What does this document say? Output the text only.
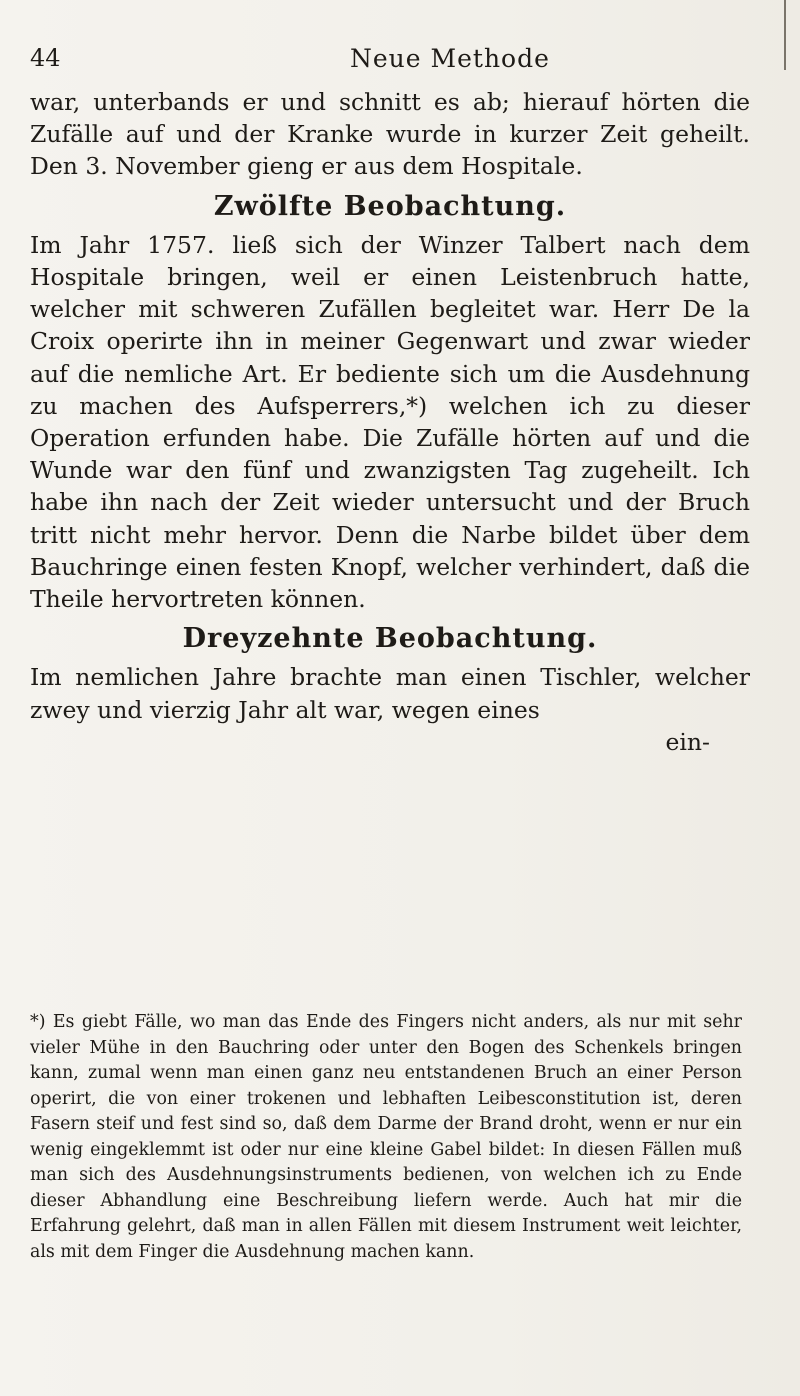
44	Neue Methode

war, unterbands er und schnitt es ab; hierauf hörten die Zufälle auf und der Kranke wurde in kurzer Zeit geheilt. Den 3. November gieng er aus dem Hospitale.

Zwölfte Beobachtung.

Im Jahr 1757. ließ sich der Winzer Talbert nach dem Hospitale bringen, weil er einen Leistenbruch hatte, welcher mit schweren Zufällen begleitet war. Herr De la Croix operirte ihn in meiner Gegenwart und zwar wieder auf die nemliche Art. Er bediente sich um die Ausdehnung zu machen des Aufsperrers,*) welchen ich zu dieser Operation erfunden habe. Die Zufälle hörten auf und die Wunde war den fünf und zwanzigsten Tag zugeheilt. Ich habe ihn nach der Zeit wieder untersucht und der Bruch tritt nicht mehr hervor. Denn die Narbe bildet über dem Bauchringe einen festen Knopf, welcher verhindert, daß die Theile hervortreten können.

Dreyzehnte Beobachtung.

Im nemlichen Jahre brachte man einen Tischler, welcher zwey und vierzig Jahr alt war, wegen eines

ein-

*) Es giebt Fälle, wo man das Ende des Fingers nicht anders, als nur mit sehr vieler Mühe in den Bauchring oder unter den Bogen des Schenkels bringen kann, zumal wenn man einen ganz neu entstandenen Bruch an einer Person operirt, die von einer trokenen und lebhaften Leibesconstitution ist, deren Fasern steif und fest sind so, daß dem Darme der Brand droht, wenn er nur ein wenig eingeklemmt ist oder nur eine kleine Gabel bildet: In diesen Fällen muß man sich des Ausdehnungsinstruments bedienen, von welchen ich zu Ende dieser Abhandlung eine Beschreibung liefern werde. Auch hat mir die Erfahrung gelehrt, daß man in allen Fällen mit diesem Instrument weit leichter, als mit dem Finger die Ausdehnung machen kann.
